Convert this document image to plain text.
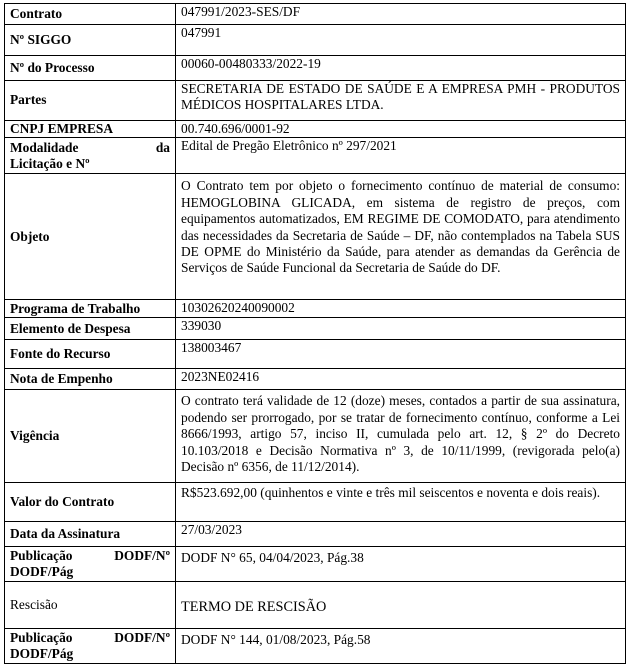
Contrato	047991/2023-SES/DF
Nº SIGGO	047991
Nº do Processo	00060-00480333/2022-19
Partes	SECRETARIA DE ESTADO DE SAÚDE E A EMPRESA PMH - PRODUTOS MÉDICOS HOSPITALARES LTDA.
CNPJ EMPRESA	00.740.696/0001-92

Modalidade da
Licitação e Nº	Edital de Pregão Eletrônico nº 297/2021
Objeto	O Contrato tem por objeto o fornecimento contínuo de material de consumo: HEMOGLOBINA GLICADA, em sistema de registro de preços, com equipamentos automatizados, EM REGIME DE COMODATO, para atendimento das necessidades da Secretaria de Saúde – DF, não contemplados na Tabela SUS DE OPME do Ministério da Saúde, para atender as demandas da Gerência de Serviços de Saúde Funcional da Secretaria de Saúde do DF.
Programa de Trabalho	10302620240090002
Elemento de Despesa	339030
Fonte do Recurso	138003467
Nota de Empenho	2023NE02416
Vigência	O contrato terá validade de 12 (doze) meses, contados a partir de sua assinatura, podendo ser prorrogado, por se tratar de fornecimento contínuo, conforme a Lei 8666/1993, artigo 57, inciso II, cumulada pelo art. 12, § 2º do Decreto 10.103/2018 e Decisão Normativa nº 3, de 10/11/1999, (revigorada pelo(a) Decisão nº 6356, de 11/12/2014).
Valor do Contrato	R$523.692,00 (quinhentos e vinte e três mil seiscentos e noventa e dois reais).
Data da Assinatura	27/03/2023

Publicação DODF/Nº
DODF/Pág	DODF N° 65, 04/04/2023, Pág.38
Rescisão	TERMO DE RESCISÃO

Publicação DODF/Nº
DODF/Pág	DODF N° 144, 01/08/2023, Pág.58
